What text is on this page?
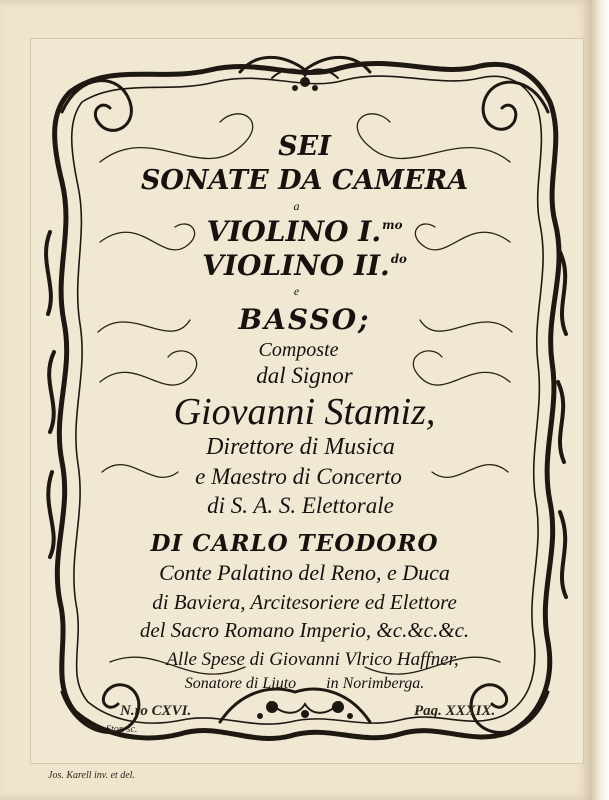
SEI
SONATE DA CAMERA
a
VIOLINO I.$^{mo}$
VIOLINO II.$^{do}$
e
BASSO;
Composte
dal Signor
Giovanni Stamiz,
Direttore di Musica
e Maestro di Concerto
di S. A. S. Elettorale
DI CARLO TEODORO
Conte Palatino del Reno, e Duca
di Baviera, Arcitesoriere ed Elettore
del Sacro Romano Imperio, &c.&c.&c.
Alle Spese di Giovanni Vlrico Haffner,
Sonatore di Liuto in Norimberga.
N.ro CXVI.	Pag. XXXIX.
Stor. sc.
Jos. Karell inv. et del.
